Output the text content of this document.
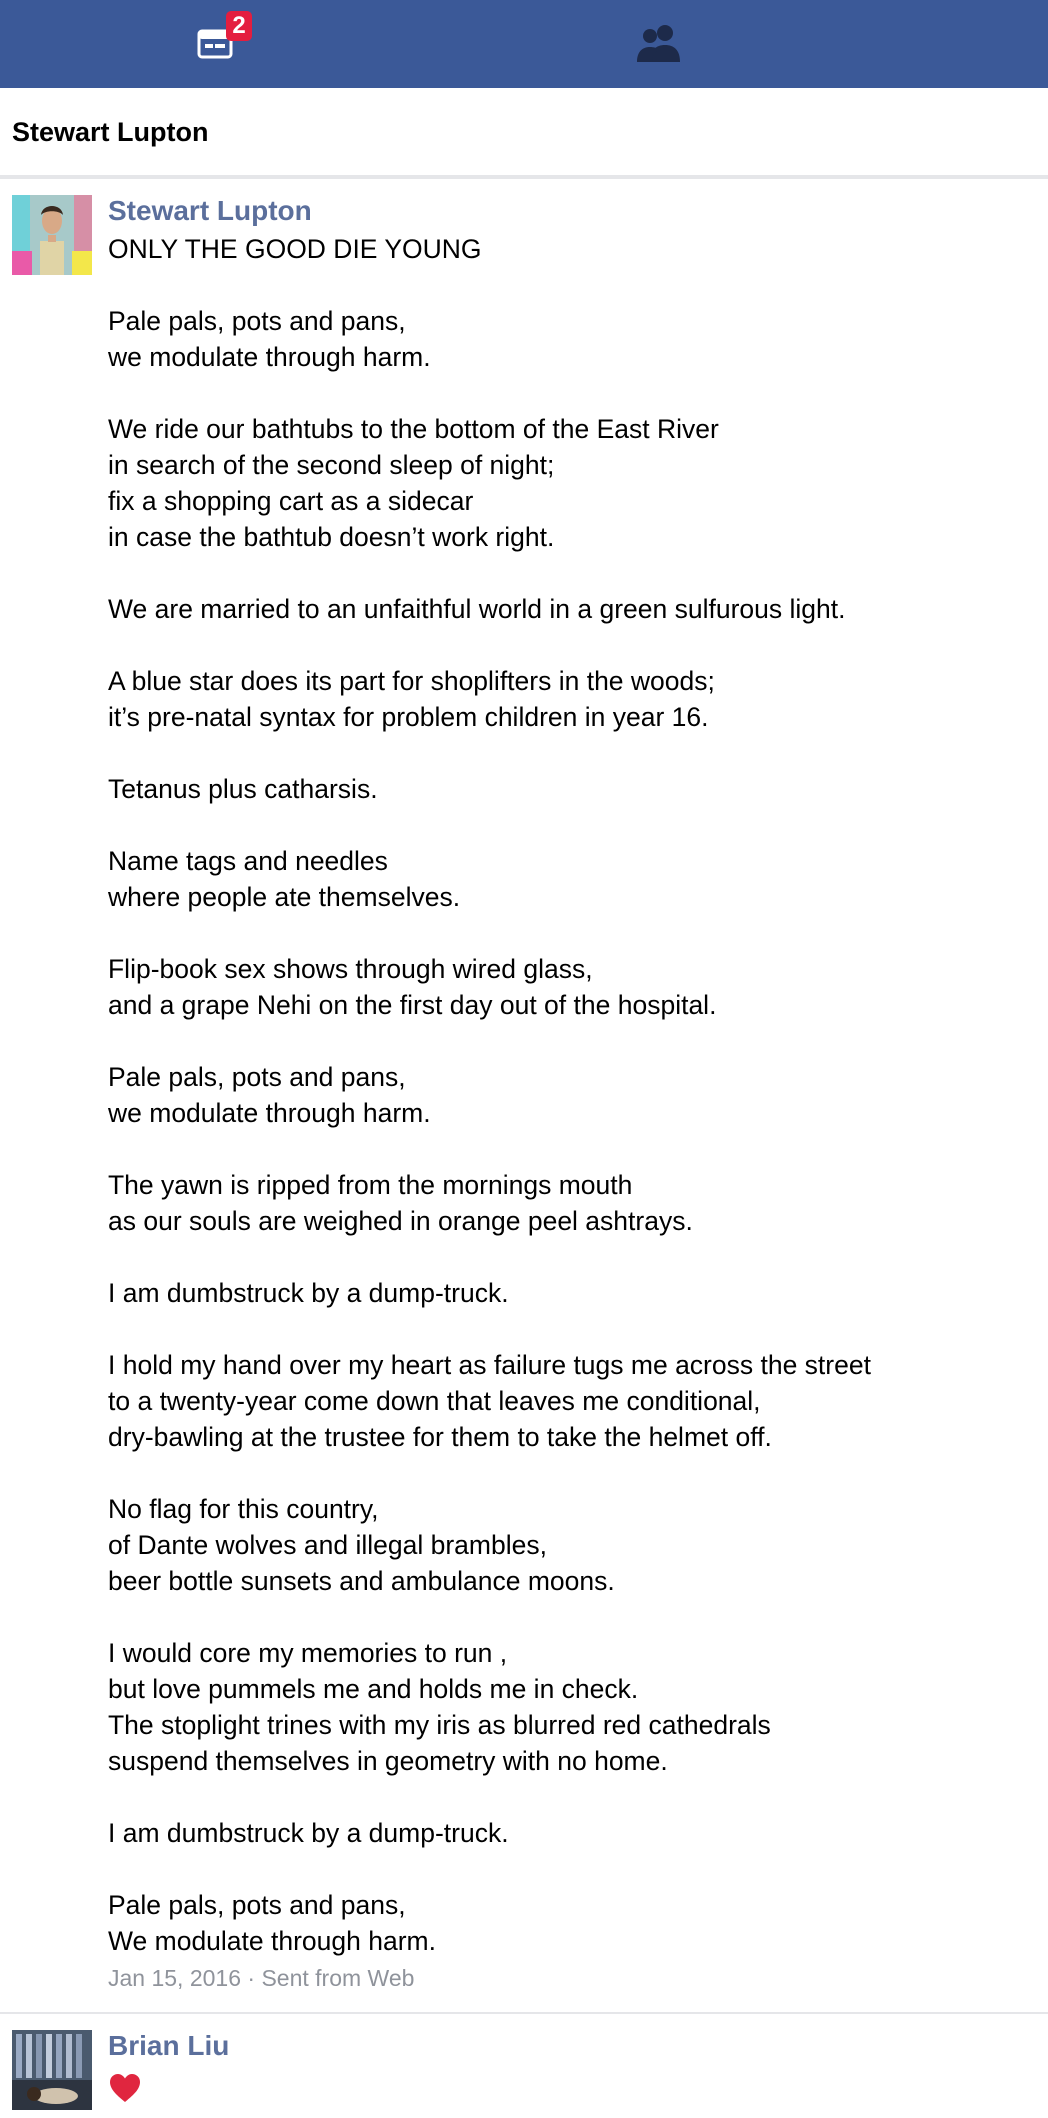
2
Stewart Lupton
Stewart Lupton
ONLY THE GOOD DIE YOUNG
Pale pals, pots and pans,
we modulate through harm.
We ride our bathtubs to the bottom of the East River
in search of the second sleep of night;
fix a shopping cart as a sidecar
in case the bathtub doesn’t work right.
We are married to an unfaithful world in a green sulfurous light.
A blue star does its part for shoplifters in the woods;
it’s pre-natal syntax for problem children in year 16.
Tetanus plus catharsis.
Name tags and needles
where people ate themselves.
Flip-book sex shows through wired glass,
and a grape Nehi on the first day out of the hospital.
Pale pals, pots and pans,
we modulate through harm.
The yawn is ripped from the mornings mouth
as our souls are weighed in orange peel ashtrays.
I am dumbstruck by a dump-truck.
I hold my hand over my heart as failure tugs me across the street
to a twenty-year come down that leaves me conditional,
dry-bawling at the trustee for them to take the helmet off.
No flag for this country,
of Dante wolves and illegal brambles,
beer bottle sunsets and ambulance moons.
I would core my memories to run ,
but love pummels me and holds me in check.
The stoplight trines with my iris as blurred red cathedrals
suspend themselves in geometry with no home.
I am dumbstruck by a dump-truck.
Pale pals, pots and pans,
We modulate through harm.
Jan 15, 2016 · Sent from Web
Brian Liu
